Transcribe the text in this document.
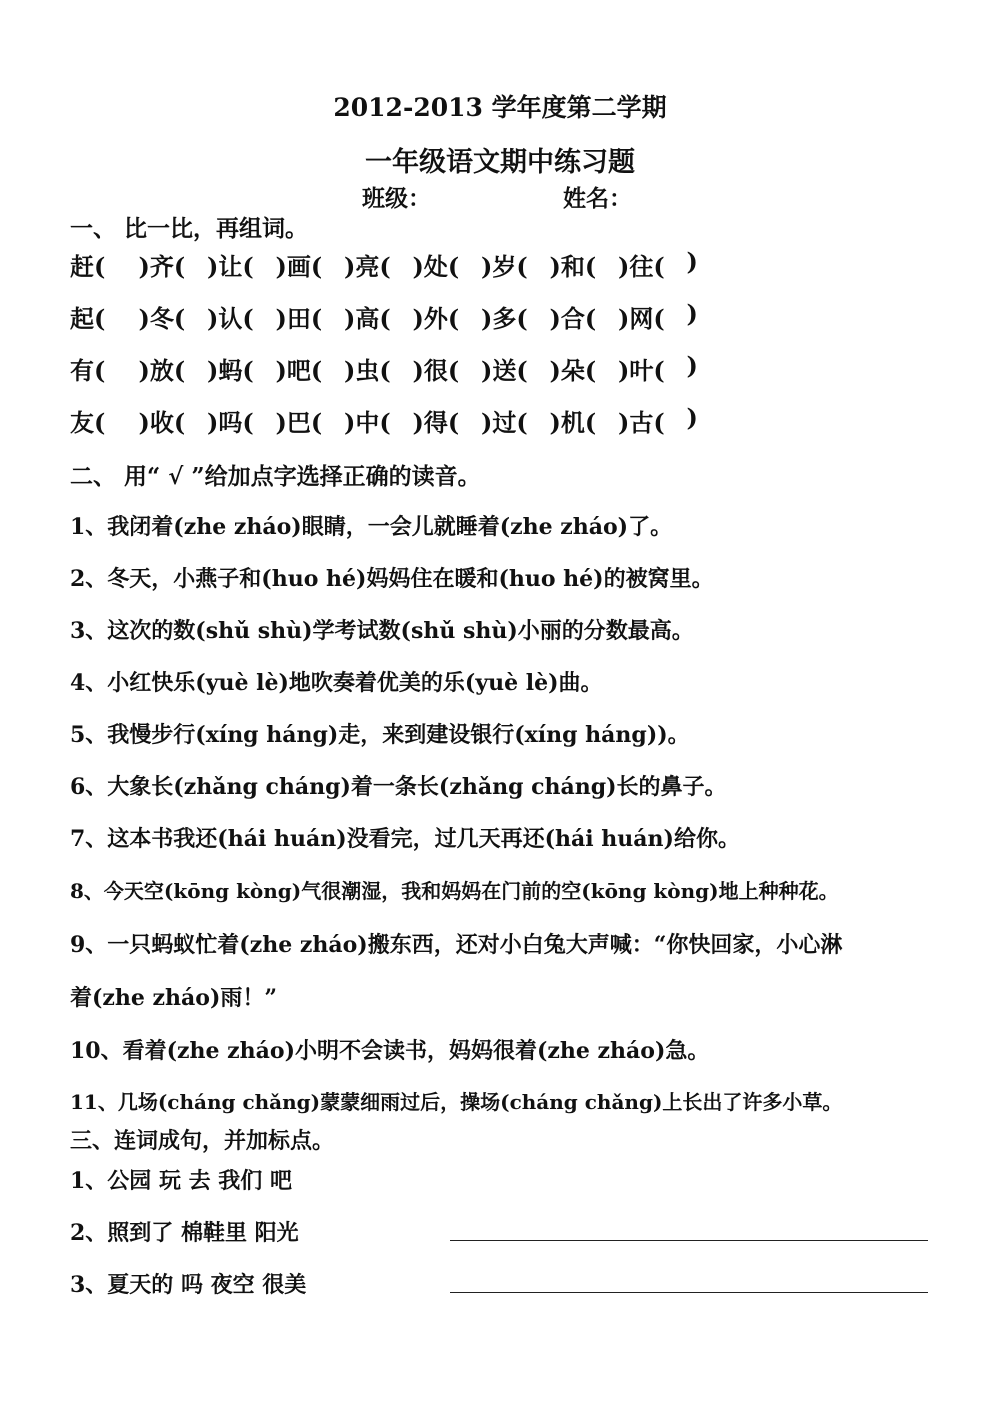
2012-2013 学年度第二学期
一年级语文期中练习题
班级：	姓名：
一、 比一比，再组词。
赶(	)齐( )让( )画( )亮( )处( )岁( )和( )往( )
起(	)冬( )认( )田( )高( )外( )多( )合( )网( )
有(	)放( )蚂( )吧( )虫( )很( )送( )朵( )叶( )
友(	)收( )吗( )巴( )中( )得( )过( )机( )古( )
二、 用“ √ ”给加点字选择正确的读音。
1、我闭着(zhe zháo)眼睛，一会儿就睡着(zhe zháo)了。
2、冬天，小燕子和(huo hé)妈妈住在暖和(huo hé)的被窝里。
3、这次的数(shǔ shù)学考试数(shǔ shù)小丽的分数最高。
4、小红快乐(yuè lè)地吹奏着优美的乐(yuè lè)曲。
5、我慢步行(xíng háng)走，来到建设银行(xíng háng))。
6、大象长(zhǎng cháng)着一条长(zhǎng cháng)长的鼻子。
7、这本书我还(hái huán)没看完，过几天再还(hái huán)给你。
8、今天空(kōng kòng)气很潮湿，我和妈妈在门前的空(kōng kòng)地上种种花。
9、一只蚂蚁忙着(zhe zháo)搬东西，还对小白兔大声喊：“你快回家，小心淋
着(zhe zháo)雨！”
10、看着(zhe zháo)小明不会读书，妈妈很着(zhe zháo)急。
11、几场(cháng chǎng)蒙蒙细雨过后，操场(cháng chǎng)上长出了许多小草。
三、连词成句，并加标点。
1、公园 玩 去 我们 吧
2、照到了 棉鞋里 阳光
3、夏天的 吗 夜空 很美
